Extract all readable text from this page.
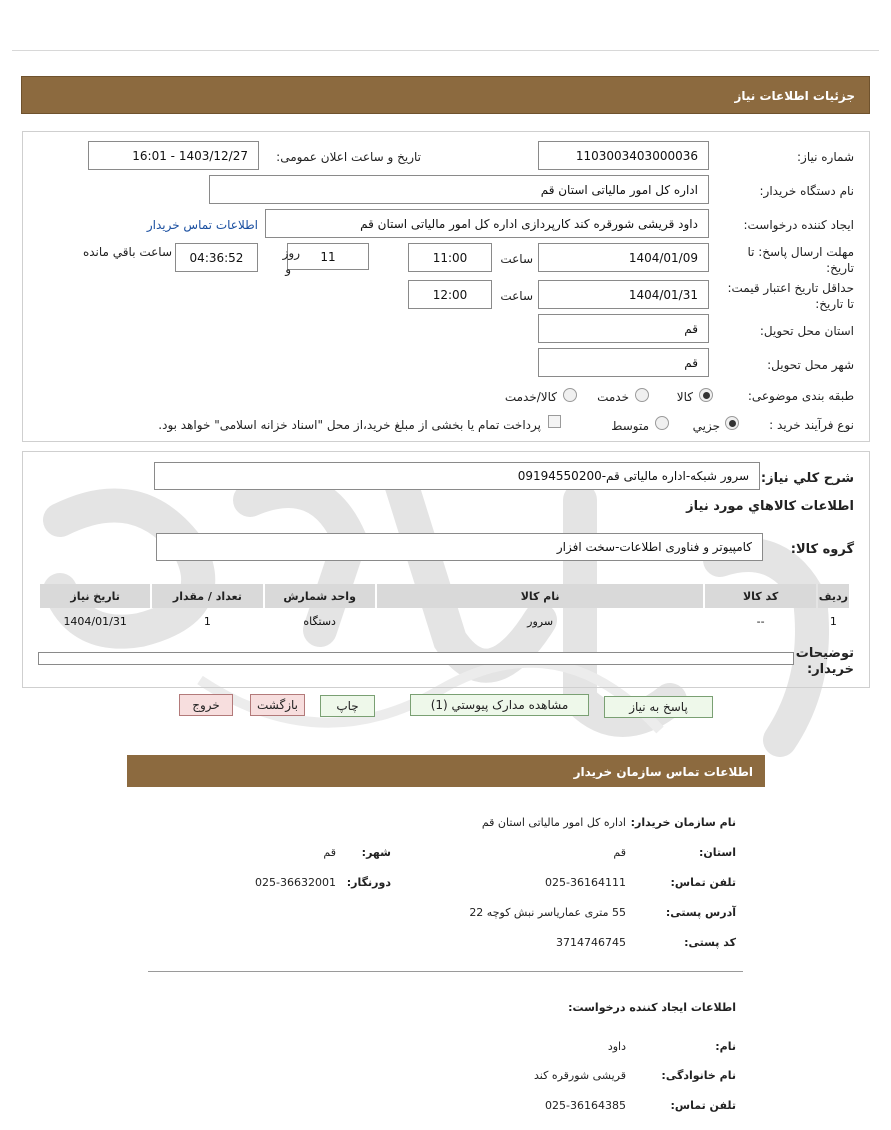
جزئیات اطلاعات نیاز
شماره نیاز:
1103003403000036
تاریخ و ساعت اعلان عمومی:
1403/12/27 - 16:01
نام دستگاه خریدار:
اداره کل امور مالیاتی استان قم
ایجاد کننده درخواست:
داود قریشی شورقره کند کارپردازی اداره کل امور مالیاتی استان قم
اطلاعات تماس خریدار
مهلت ارسال پاسخ: تا
تاریخ:
1404/01/09
ساعت
11:00
11
روز
و
04:36:52
ساعت باقي مانده
حداقل تاریخ اعتبار قیمت:
تا تاریخ:
1404/01/31
ساعت
12:00
استان محل تحویل:
قم
شهر محل تحویل:
قم
طبقه بندی موضوعی:
کالا
خدمت
کالا/خدمت
نوع فرآیند خرید :
جزیي
متوسط
پرداخت تمام یا بخشی از مبلغ خرید،از محل "اسناد خزانه اسلامی" خواهد بود.
شرح کلي نياز:
سرور شبکه-اداره مالیاتی قم-09194550200
اطلاعات كالاهاي مورد نياز
گروه كالا:
كامپيوتر و فناوری اطلاعات-سخت افزار
رديف	كد كالا	نام كالا	واحد شمارش	تعداد / مقدار	تاريخ نياز
1	--	سرور	دستگاه	1	1404/01/31
توضيحات
خريدار:
پاسخ به نیاز
مشاهده مدارک پیوستي (1)
چاپ
بازگشت
خروج
اطلاعات تماس سازمان خریدار
نام سازمان خریدار:
اداره کل امور مالیاتی استان قم
استان:
قم
شهر:
قم
تلفن تماس:
025-36164111
دورنگار:
025-36632001
آدرس پستی:
55 متری عمارياسر نبش کوچه 22
کد پستی:
3714746745
اطلاعات ایجاد کننده درخواست:
نام:
داود
نام خانوادگی:
قریشی شورقره کند
تلفن تماس:
025-36164385
